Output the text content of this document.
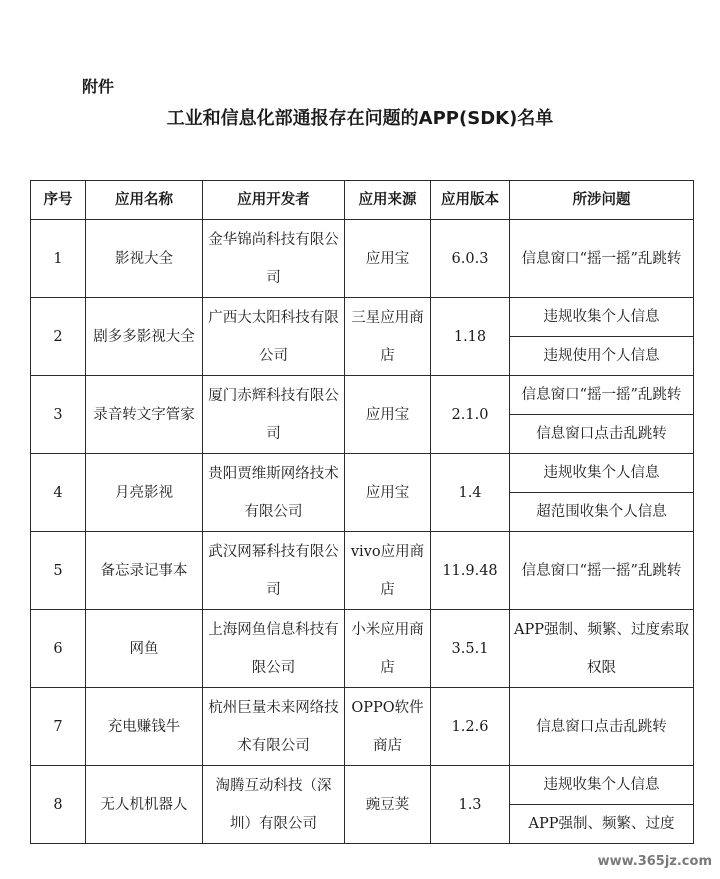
附件
工业和信息化部通报存在问题的APP(SDK)名单
序号	应用名称	应用开发者	应用来源	应用版本	所涉问题
1	影视大全	金华锦尚科技有限公司	应用宝	6.0.3	信息窗口“摇一摇”乱跳转
2	剧多多影视大全	广西大太阳科技有限公司	三星应用商店	1.18	违规收集个人信息
					违规使用个人信息
3	录音转文字管家	厦门赤辉科技有限公司	应用宝	2.1.0	信息窗口“摇一摇”乱跳转
					信息窗口点击乱跳转
4	月亮影视	贵阳贾维斯网络技术有限公司	应用宝	1.4	违规收集个人信息
					超范围收集个人信息
5	备忘录记事本	武汉网幂科技有限公司	vivo应用商店	11.9.48	信息窗口“摇一摇”乱跳转
6	网鱼	上海网鱼信息科技有限公司	小米应用商店	3.5.1	APP强制、频繁、过度索取权限
7	充电赚钱牛	杭州巨量未来网络技术有限公司	OPPO软件商店	1.2.6	信息窗口点击乱跳转
8	无人机机器人	淘腾互动科技（深圳）有限公司	豌豆荚	1.3	违规收集个人信息
					APP强制、频繁、过度
www.365jz.com
